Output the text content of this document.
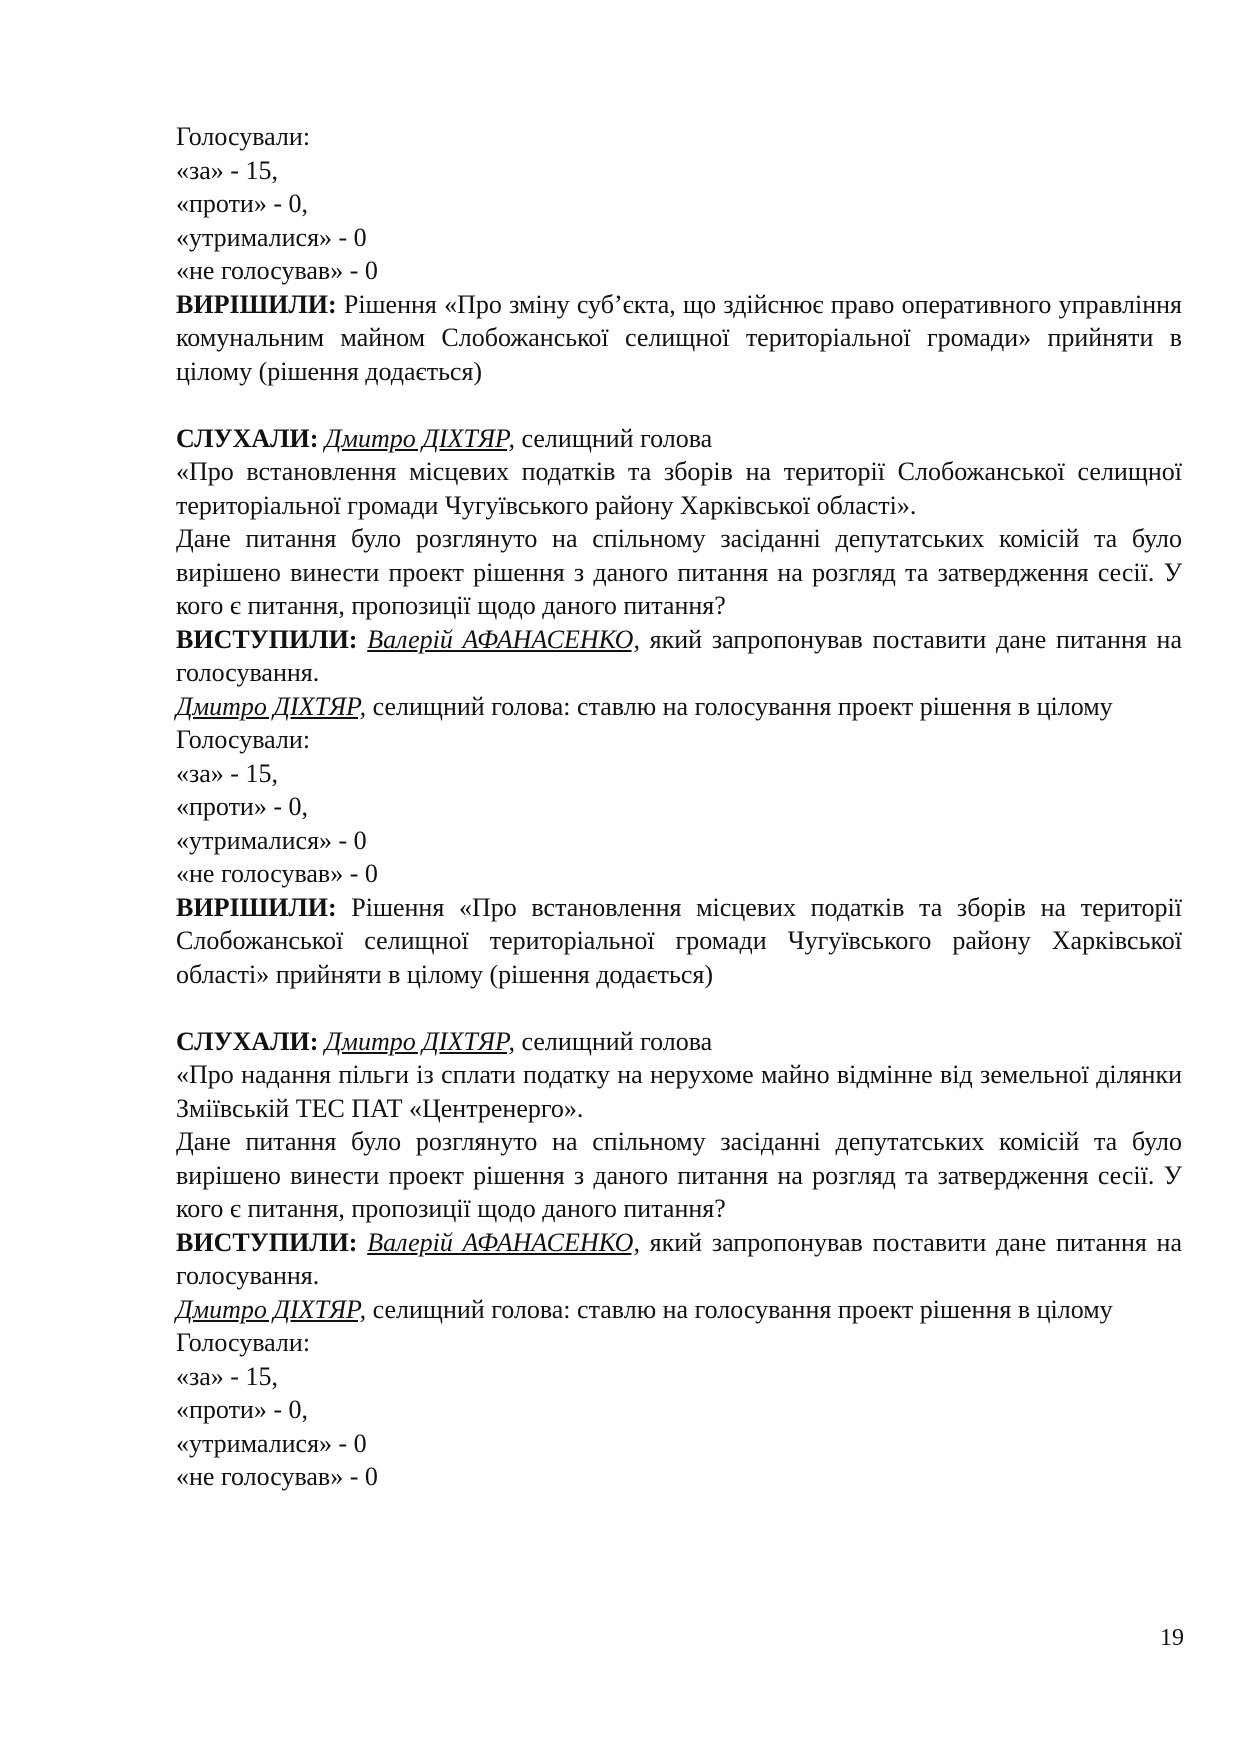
Голосували:
«за» - 15,
«проти» - 0,
«утрималися» - 0
«не голосував» - 0
ВИРІШИЛИ: Рішення «Про зміну суб’єкта, що здійснює право оперативного управління комунальним майном Слобожанської селищної територіальної громади» прийняти в цілому (рішення додається)
СЛУХАЛИ: Дмитро ДІХТЯР, селищний голова
«Про встановлення місцевих податків та зборів на території Слобожанської селищної територіальної громади Чугуївського району Харківської області».
Дане питання було розглянуто на спільному засіданні депутатських комісій та було вирішено винести проект рішення з даного питання на розгляд та затвердження сесії. У кого є питання, пропозиції щодо даного питання?
ВИСТУПИЛИ: Валерій АФАНАСЕНКО, який запропонував поставити дане питання на голосування.
Дмитро ДІХТЯР, селищний голова: ставлю на голосування проект рішення в цілому
Голосували:
«за» - 15,
«проти» - 0,
«утрималися» - 0
«не голосував» - 0
ВИРІШИЛИ: Рішення «Про встановлення місцевих податків та зборів на території Слобожанської селищної територіальної громади Чугуївського району Харківської області» прийняти в цілому (рішення додається)
СЛУХАЛИ: Дмитро ДІХТЯР, селищний голова
«Про надання пільги із сплати податку на нерухоме майно відмінне від земельної ділянки Зміївській ТЕС ПАТ «Центренерго».
Дане питання було розглянуто на спільному засіданні депутатських комісій та було вирішено винести проект рішення з даного питання на розгляд та затвердження сесії. У кого є питання, пропозиції щодо даного питання?
ВИСТУПИЛИ: Валерій АФАНАСЕНКО, який запропонував поставити дане питання на голосування.
Дмитро ДІХТЯР, селищний голова: ставлю на голосування проект рішення в цілому
Голосували:
«за» - 15,
«проти» - 0,
«утрималися» - 0
«не голосував» - 0
19
